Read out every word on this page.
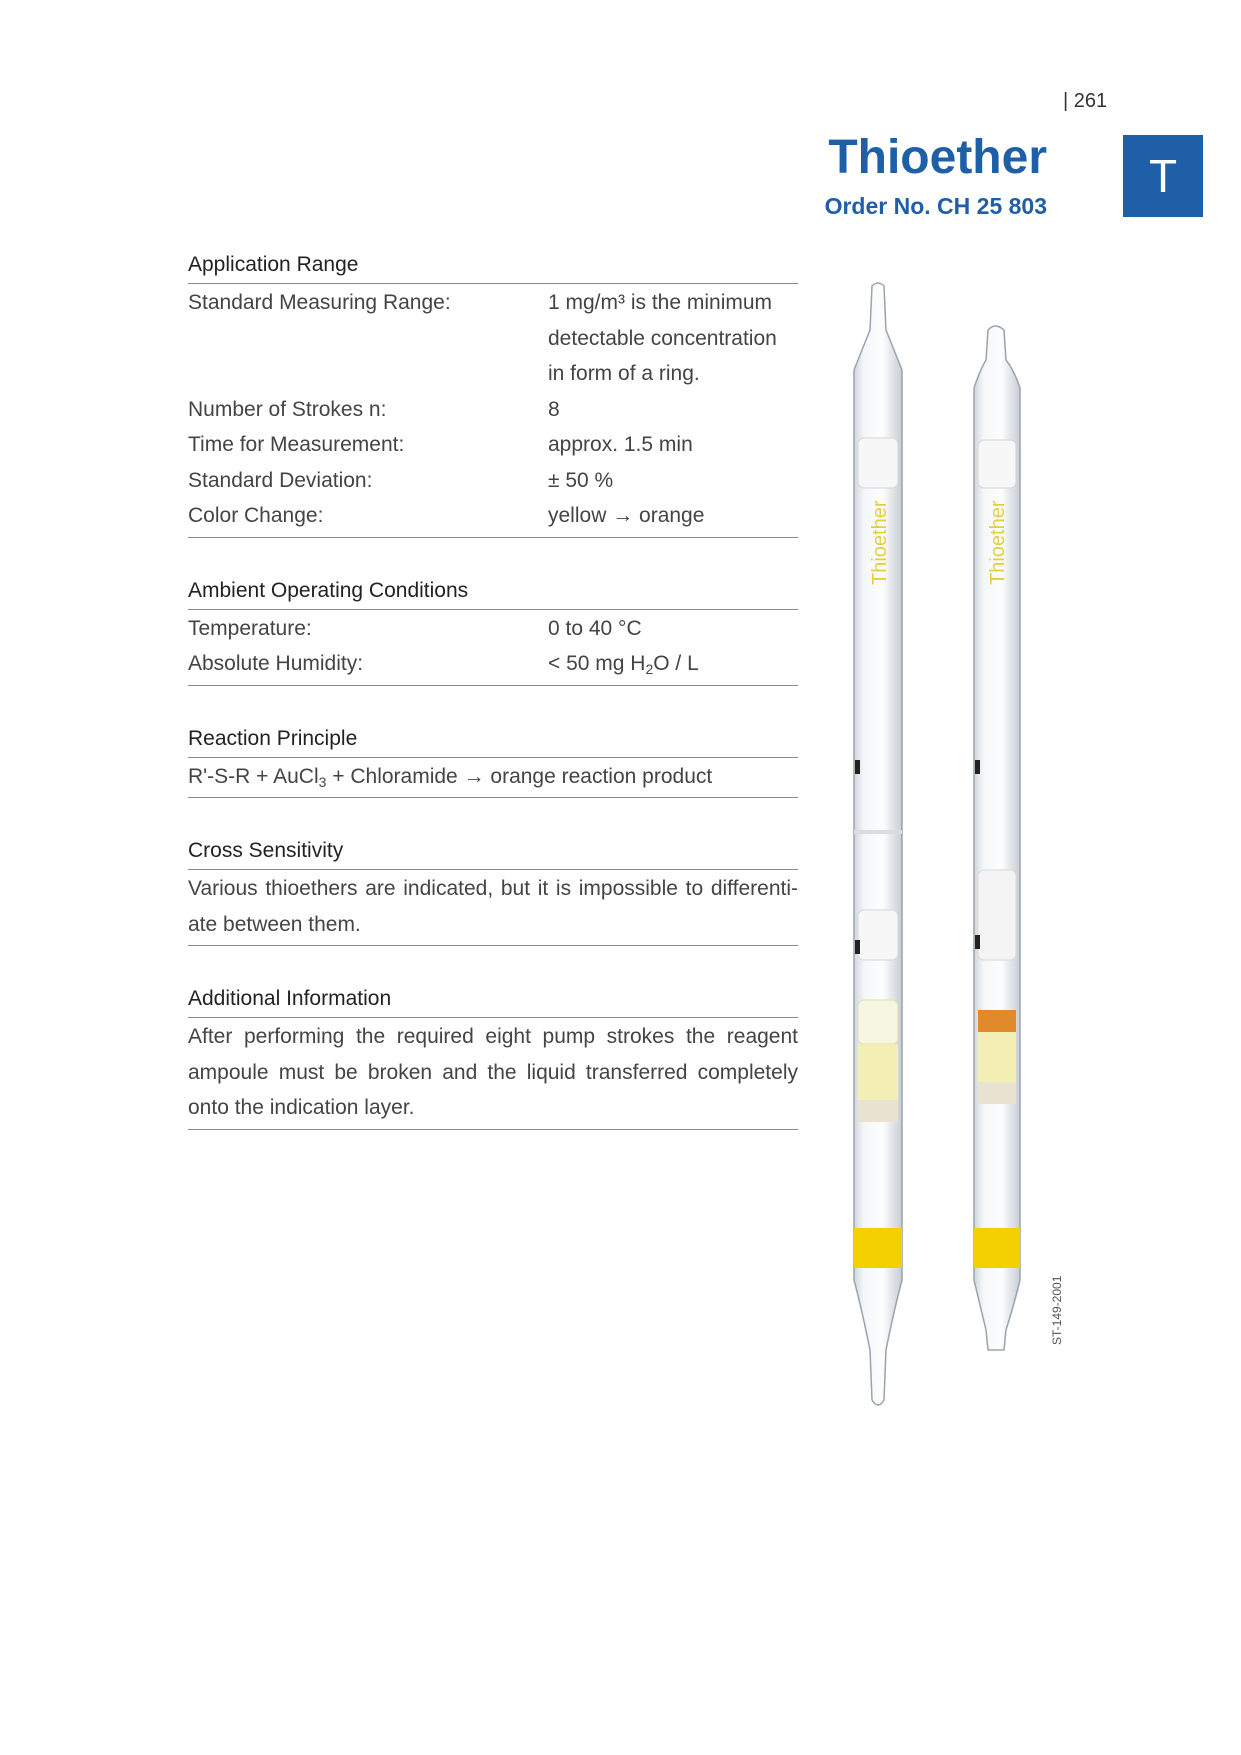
| 261
Thioether
Order No. CH 25 803
T
Application Range
Standard Measuring Range:	1 mg/m³ is the minimum
detectable concentration
in form of a ring.
Number of Strokes n:	8
Time for Measurement:	approx. 1.5 min
Standard Deviation:	± 50 %
Color Change:	yellow → orange
Ambient Operating Conditions
Temperature:	0 to 40 °C
Absolute Humidity:	< 50 mg $H_2O$ / L
Reaction Principle
R'-S-R + AuCl$_3$ + Chloramide → orange reaction product
Cross Sensitivity
Various thioethers are indicated, but it is impossible to differenti-ate between them.
Additional Information
After performing the required eight pump strokes the reagent ampoule must be broken and the liquid transferred completely onto the indication layer.
Thioether	Thioether
ST-149-2001
